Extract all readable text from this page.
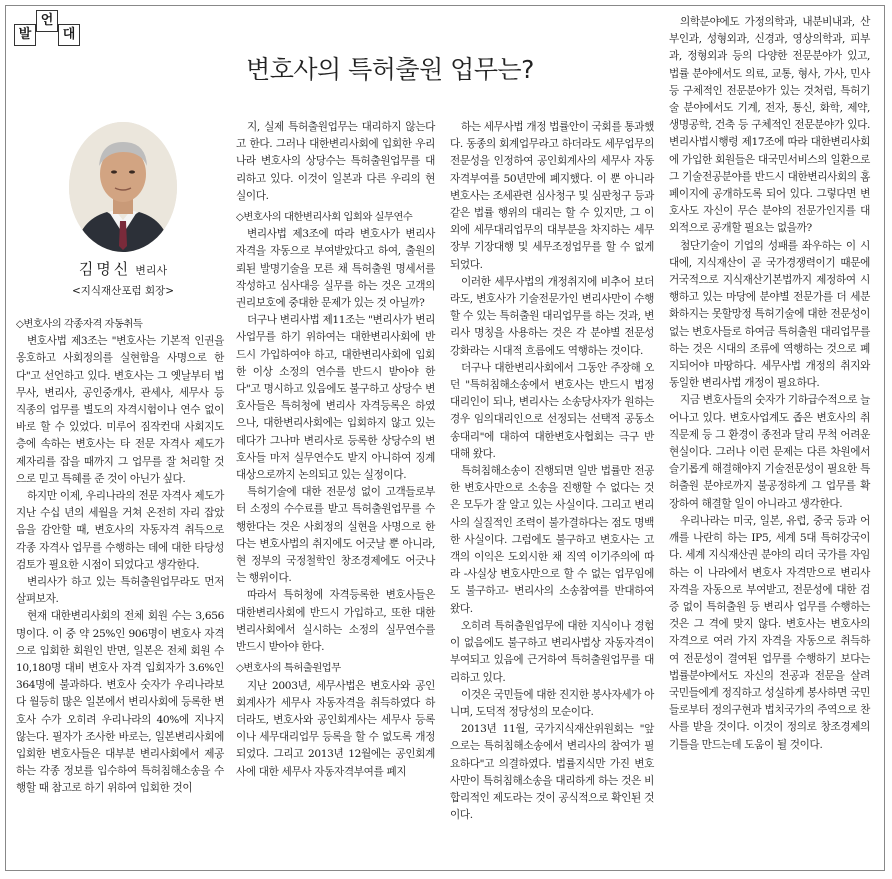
발
언
대
변호사의 특허출원 업무는?
김명신 변리사
<지식재산포럼 회장>

◇변호사의 각종자격 자동취득

변호사법 제3조는 "변호사는 기본적 인권을 옹호하고 사회정의를 실현함을 사명으로 한다"고 선언하고 있다. 변호사는 그 옛날부터 법무사, 변리사, 공인중개사, 관세사, 세무사 등 직종의 업무를 별도의 자격시험이나 연수 없이 바로 할 수 있었다. 미루어 짐작컨대 사회지도층에 속하는 변호사는 타 전문 자격사 제도가 제자리를 잡을 때까지 그 업무를 잘 처리할 것으로 믿고 특혜를 준 것이 아닌가 싶다.

하지만 이제, 우리나라의 전문 자격사 제도가 지난 수십 년의 세월을 거쳐 온전히 자리 잡았음을 감안할 때, 변호사의 자동자격 취득으로 각종 자격사 업무를 수행하는 데에 대한 타당성 검토가 필요한 시점이 되었다고 생각한다.

변리사가 하고 있는 특허출원업무라도 먼저 살펴보자.

현재 대한변리사회의 전체 회원 수는 3,656명이다. 이 중 약 25%인 906명이 변호사 자격으로 입회한 회원인 반면, 일본은 전체 회원 수 10,180명 대비 변호사 자격 입회자가 3.6%인 364명에 불과하다. 변호사 숫자가 우리나라보다 월등히 많은 일본에서 변리사회에 등록한 변호사 수가 오히려 우리나라의 40%에 지나지 않는다. 필자가 조사한 바로는, 일본변리사회에 입회한 변호사들은 대부분 변리사회에서 제공하는 각종 정보를 입수하여 특허침해소송을 수행할 때 참고로 하기 위하여 입회한 것이

지, 실제 특허출원업무는 대리하지 않는다고 한다. 그러나 대한변리사회에 입회한 우리나라 변호사의 상당수는 특허출원업무를 대리하고 있다. 이것이 일본과 다른 우리의 현실이다.

◇변호사의 대한변리사회 입회와 실무연수

변리사법 제3조에 따라 변호사가 변리사 자격을 자동으로 부여받았다고 하여, 출원의뢰된 발명기술을 모른 채 특허출원 명세서를 작성하고 심사대응 실무를 하는 것은 고객의 권리보호에 중대한 문제가 있는 것 아닐까?

더구나 변리사법 제11조는 "변리사가 변리사업무를 하기 위하여는 대한변리사회에 반드시 가입하여야 하고, 대한변리사회에 입회한 이상 소정의 연수를 반드시 받아야 한다"고 명시하고 있음에도 불구하고 상당수 변호사들은 특허청에 변리사 자격등록은 하였으나, 대한변리사회에는 입회하지 않고 있는데다가 그나마 변리사로 등록한 상당수의 변호사들 마저 실무연수도 받지 아니하여 징계대상으로까지 논의되고 있는 실정이다.

특허기술에 대한 전문성 없이 고객들로부터 소정의 수수료를 받고 특허출원업무를 수행한다는 것은 사회정의 실현을 사명으로 한다는 변호사법의 취지에도 어긋날 뿐 아니라, 현 정부의 국정철학인 창조경제에도 어긋나는 행위이다.

따라서 특허청에 자격등록한 변호사들은 대한변리사회에 반드시 가입하고, 또한 대한변리사회에서 실시하는 소정의 실무연수를 반드시 받아야 한다.

◇변호사의 특허출원업무

지난 2003년, 세무사법은 변호사와 공인회계사가 세무사 자동자격을 취득하였다 하더라도, 변호사와 공인회계사는 세무사 등록이나 세무대리업무 등록을 할 수 없도록 개정되었다. 그리고 2013년 12월에는 공인회계사에 대한 세무사 자동자격부여를 폐지

하는 세무사법 개정 법률안이 국회를 통과했다. 동종의 회계업무라고 하더라도 세무업무의 전문성을 인정하여 공인회계사의 세무사 자동자격부여를 50년만에 폐지했다. 이 뿐 아니라 변호사는 조세관련 심사청구 및 심판청구 등과 같은 법률 행위의 대리는 할 수 있지만, 그 이외에 세무대리업무의 대부분을 차지하는 세무장부 기장대행 및 세무조정업무를 할 수 없게 되었다.

이러한 세무사법의 개정취지에 비추어 보더라도, 변호사가 기술전문가인 변리사만이 수행할 수 있는 특허출원 대리업무를 하는 것과, 변리사 명칭을 사용하는 것은 각 분야별 전문성 강화라는 시대적 흐름에도 역행하는 것이다.

더구나 대한변리사회에서 그동안 주장해 오던 "특허침해소송에서 변호사는 반드시 법정대리인이 되나, 변리사는 소송당사자가 원하는 경우 임의대리인으로 선정되는 선택적 공동소송대리"에 대하여 대한변호사협회는 극구 반대해 왔다.

특허침해소송이 진행되면 일반 법률만 전공한 변호사만으로 소송을 진행할 수 없다는 것은 모두가 잘 알고 있는 사실이다. 그리고 변리사의 실질적인 조력이 불가결하다는 점도 명백한 사실이다. 그럼에도 불구하고 변호사는 고객의 이익은 도외시한 채 직역 이기주의에 따라 -사실상 변호사만으로 할 수 없는 업무임에도 불구하고- 변리사의 소송참여를 반대하여 왔다.

오히려 특허출원업무에 대한 지식이나 경험이 없음에도 불구하고 변리사법상 자동자격이 부여되고 있음에 근거하여 특허출원업무를 대리하고 있다.

이것은 국민들에 대한 진지한 봉사자세가 아니며, 도덕적 정당성의 모순이다.

2013년 11월, 국가지식재산위원회는 "앞으로는 특허침해소송에서 변리사의 참여가 필요하다"고 의결하였다. 법률지식만 가진 변호사만이 특허침해소송을 대리하게 하는 것은 비합리적인 제도라는 것이 공식적으로 확인된 것이다.

의학분야에도 가정의학과, 내분비내과, 산부인과, 성형외과, 신경과, 영상의학과, 피부과, 정형외과 등의 다양한 전문분야가 있고, 법률 분야에서도 의료, 교통, 형사, 가사, 민사 등 구체적인 전문분야가 있는 것처럼, 특허기술 분야에서도 기계, 전자, 통신, 화학, 제약, 생명공학, 건축 등 구체적인 전문분야가 있다. 변리사법시행령 제17조에 따라 대한변리사회에 가입한 회원들은 대국민서비스의 일환으로 그 기술전공분야를 반드시 대한변리사회의 홈페이지에 공개하도록 되어 있다. 그렇다면 변호사도 자신이 무슨 분야의 전문가인지를 대외적으로 공개할 필요는 없을까?

첨단기술이 기업의 성패를 좌우하는 이 시대에, 지식재산이 곧 국가경쟁력이기 때문에 거국적으로 지식재산기본법까지 제정하여 시행하고 있는 마당에 분야별 전문가를 더 세분화하지는 못할망정 특허기술에 대한 전문성이 없는 변호사들로 하여금 특허출원 대리업무를 하는 것은 시대의 조류에 역행하는 것으로 폐지되어야 마땅하다. 세무사법 개정의 취지와 동일한 변리사법 개정이 필요하다.

지금 변호사들의 숫자가 기하급수적으로 늘어나고 있다. 변호사업계도 좁은 변호사의 취직문제 등 그 환경이 종전과 달리 무척 어려운 현실이다. 그러나 이런 문제는 다른 차원에서 슬기롭게 해결해야지 기술전문성이 필요한 특허출원 분야로까지 불공정하게 그 업무를 확장하여 해결할 일이 아니라고 생각한다.

우리나라는 미국, 일본, 유럽, 중국 등과 어깨를 나란히 하는 IP5, 세계 5대 특허강국이다. 세계 지식재산권 분야의 리더 국가를 자임하는 이 나라에서 변호사 자격만으로 변리사 자격을 자동으로 부여받고, 전문성에 대한 검증 없이 특허출원 등 변리사 업무를 수행하는 것은 그 격에 맞지 않다. 변호사는 변호사의 자격으로 여러 가지 자격을 자동으로 취득하여 전문성이 결여된 업무를 수행하기 보다는 법률분야에서도 자신의 전공과 전문을 살려 국민들에게 정직하고 성실하게 봉사하면 국민들로부터 정의구현과 법치국가의 주역으로 찬사를 받을 것이다. 이것이 정의로 창조경제의 기틀을 만드는데 도움이 될 것이다.
